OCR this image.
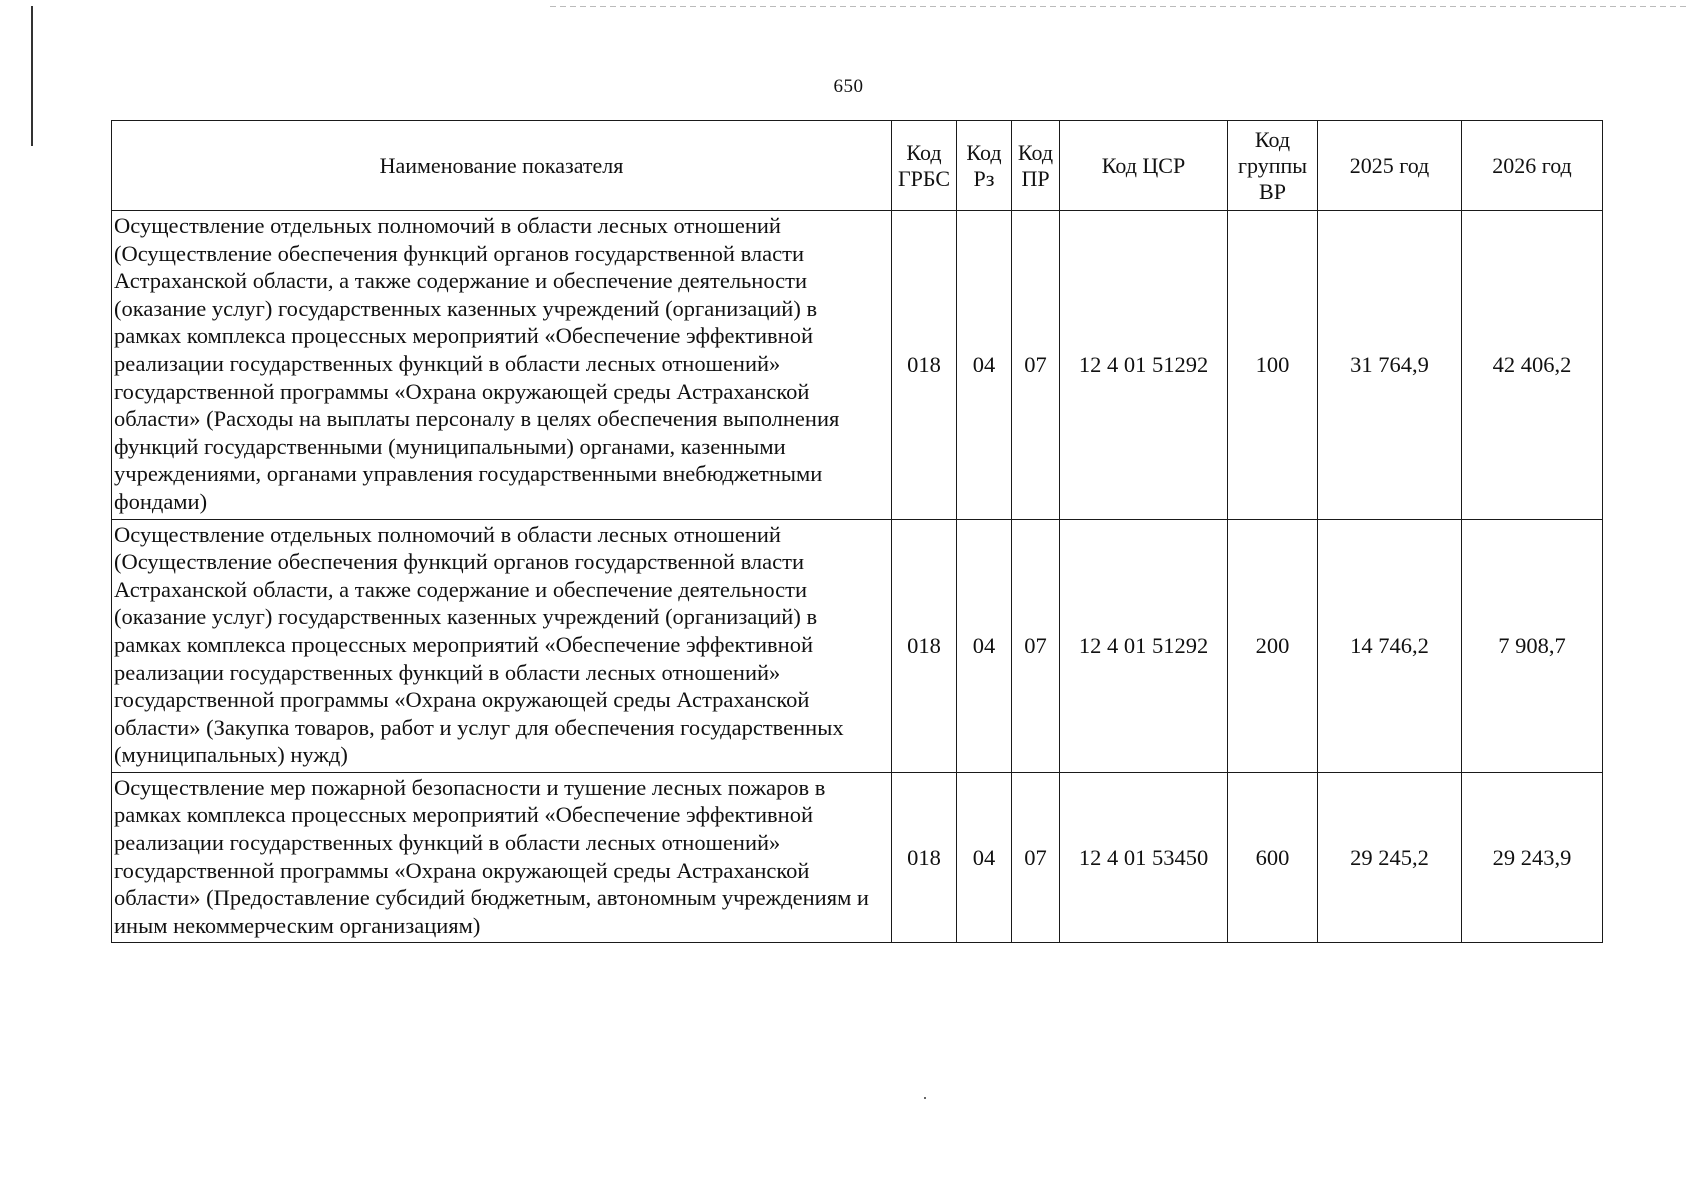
650
Наименование показателя	Код ГРБС	Код Рз	Код ПР	Код ЦСР	Код группы ВР	2025 год	2026 год
Осуществление отдельных полномочий в области лесных отношений (Осуществление обеспечения функций органов государственной власти Астраханской области, а также содержание и обеспечение деятельности (оказание услуг) государственных казенных учреждений (организаций) в рамках комплекса процессных мероприятий «Обеспечение эффективной реализации государственных функций в области лесных отношений» государственной программы «Охрана окружающей среды Астраханской области» (Расходы на выплаты персоналу в целях обеспечения выполнения функций государственными (муниципальными) органами, казенными учреждениями, органами управления государственными внебюджетными фондами)	018	04	07	12 4 01 51292	100	31 764,9	42 406,2
Осуществление отдельных полномочий в области лесных отношений (Осуществление обеспечения функций органов государственной власти Астраханской области, а также содержание и обеспечение деятельности (оказание услуг) государственных казенных учреждений (организаций) в рамках комплекса процессных мероприятий «Обеспечение эффективной реализации государственных функций в области лесных отношений» государственной программы «Охрана окружающей среды Астраханской области» (Закупка товаров, работ и услуг для обеспечения государственных (муниципальных) нужд)	018	04	07	12 4 01 51292	200	14 746,2	7 908,7
Осуществление мер пожарной безопасности и тушение лесных пожаров в рамках комплекса процессных мероприятий «Обеспечение эффективной реализации государственных функций в области лесных отношений» государственной программы «Охрана окружающей среды Астраханской области» (Предоставление субсидий бюджетным, автономным учреждениям и иным некоммерческим организациям)	018	04	07	12 4 01 53450	600	29 245,2	29 243,9
